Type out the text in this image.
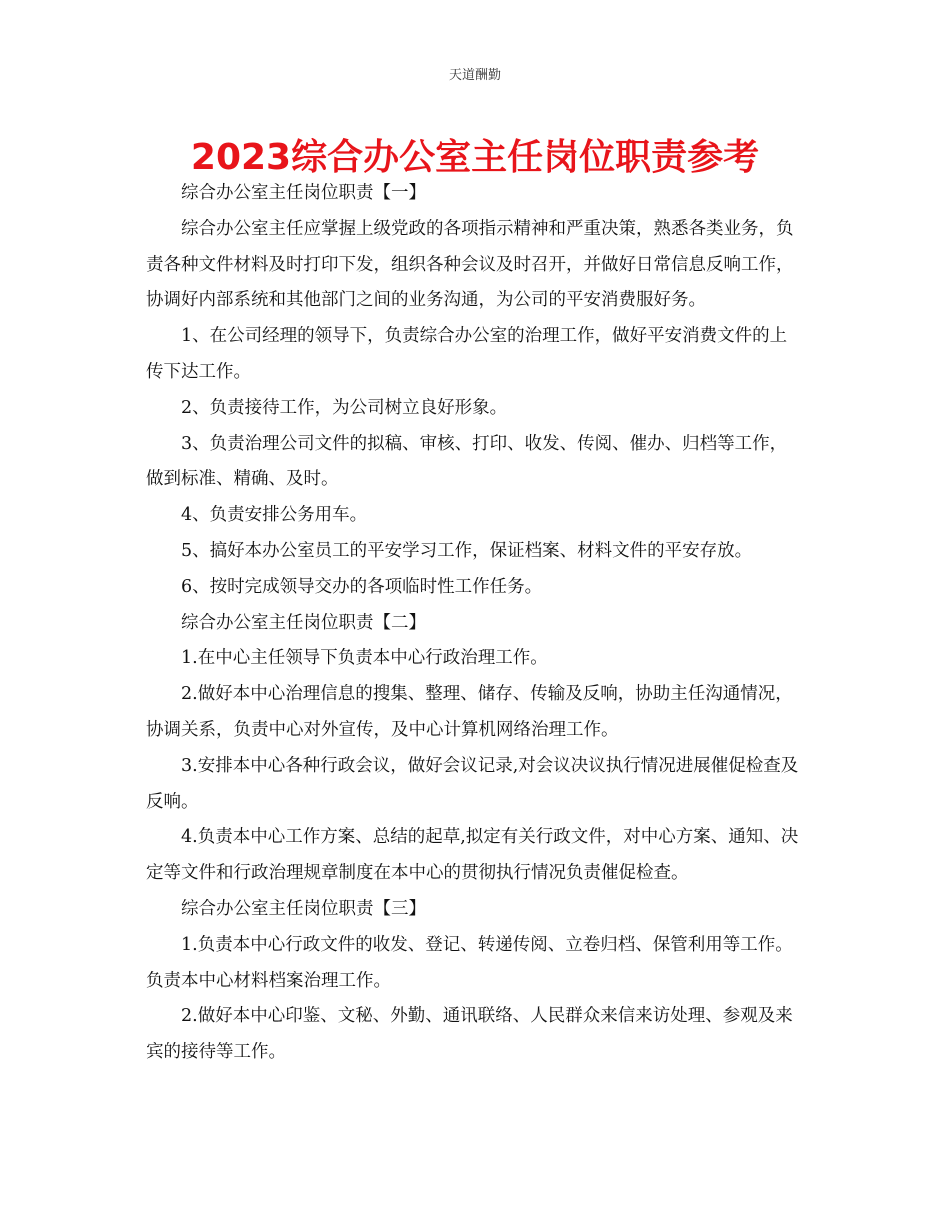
天道酬勤
2023综合办公室主任岗位职责参考

综合办公室主任岗位职责【一】

综合办公室主任应掌握上级党政的各项指示精神和严重决策，熟悉各类业务，负责各种文件材料及时打印下发，组织各种会议及时召开，并做好日常信息反响工作，协调好内部系统和其他部门之间的业务沟通，为公司的平安消费服好务。

1、在公司经理的领导下，负责综合办公室的治理工作，做好平安消费文件的上传下达工作。

2、负责接待工作，为公司树立良好形象。

3、负责治理公司文件的拟稿、审核、打印、收发、传阅、催办、归档等工作，做到标准、精确、及时。

4、负责安排公务用车。

5、搞好本办公室员工的平安学习工作，保证档案、材料文件的平安存放。

6、按时完成领导交办的各项临时性工作任务。

综合办公室主任岗位职责【二】

1.在中心主任领导下负责本中心行政治理工作。

2.做好本中心治理信息的搜集、整理、储存、传输及反响，协助主任沟通情况，协调关系，负责中心对外宣传，及中心计算机网络治理工作。

3.安排本中心各种行政会议，做好会议记录,对会议决议执行情况进展催促检查及反响。

4.负责本中心工作方案、总结的起草,拟定有关行政文件，对中心方案、通知、决定等文件和行政治理规章制度在本中心的贯彻执行情况负责催促检查。

综合办公室主任岗位职责【三】

1.负责本中心行政文件的收发、登记、转递传阅、立卷归档、保管利用等工作。负责本中心材料档案治理工作。

2.做好本中心印鉴、文秘、外勤、通讯联络、人民群众来信来访处理、参观及来宾的接待等工作。
